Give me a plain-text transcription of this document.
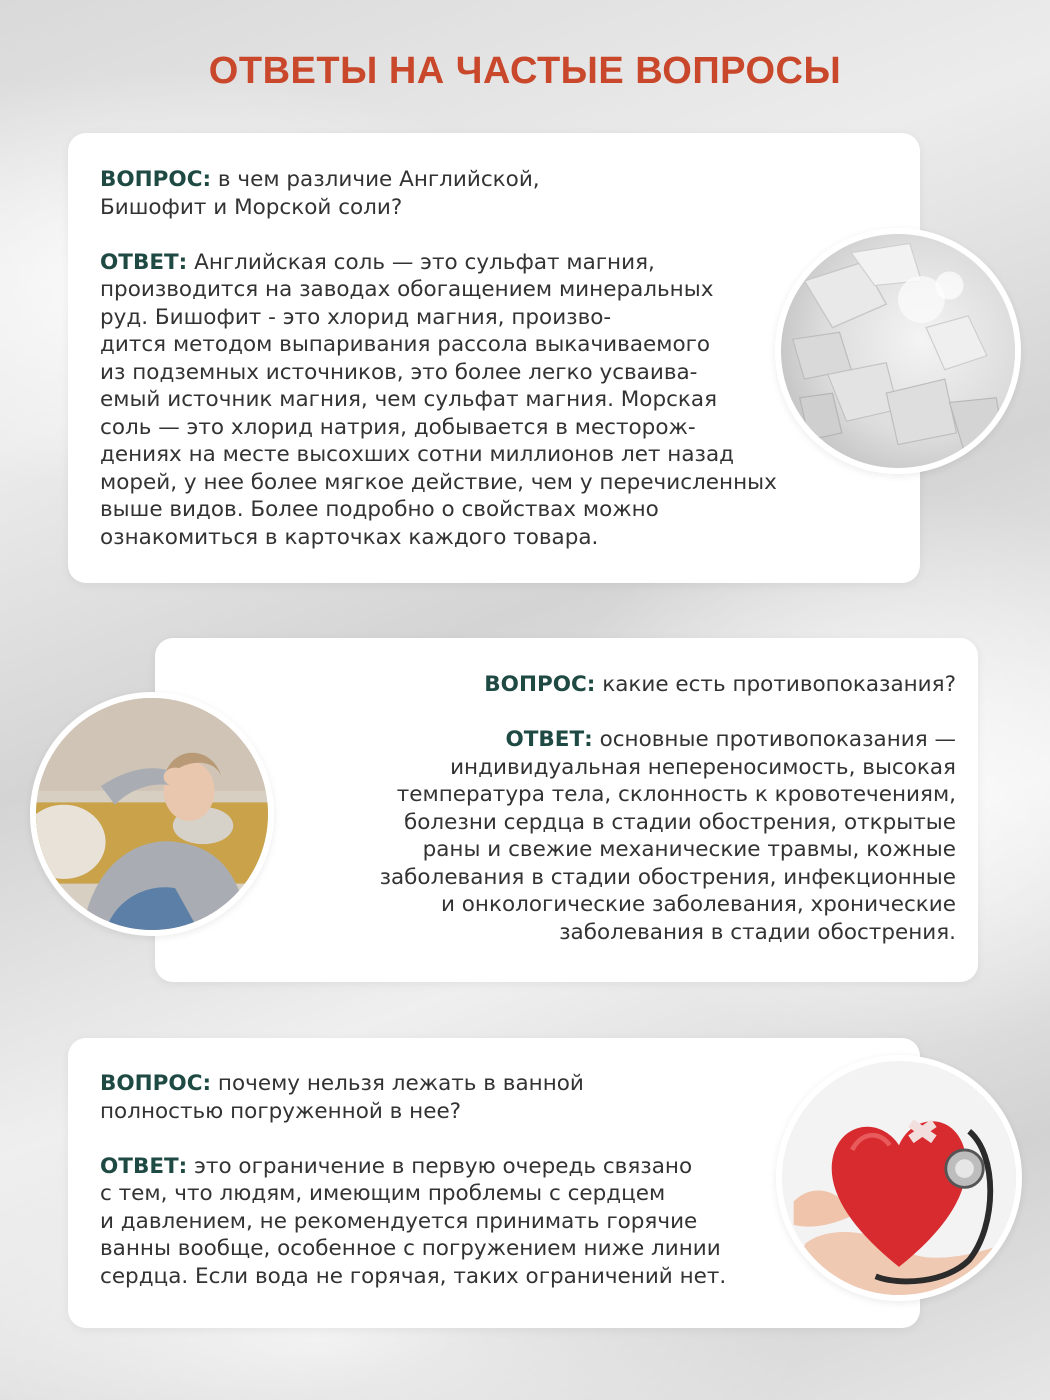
ОТВЕТЫ НА ЧАСТЫЕ ВОПРОСЫ

ВОПРОС: в чем различие Английской,
Бишофит и Морской соли?

ОТВЕТ: Английская соль — это сульфат магния,
производится на заводах обогащением минеральных
руд. Бишофит - это хлорид магния, произво-
дится методом выпаривания рассола выкачиваемого
из подземных источников, это более легко усваива-
емый источник магния, чем сульфат магния. Морская
соль — это хлорид натрия, добывается в месторож-
дениях на месте высохших сотни миллионов лет назад
морей, у нее более мягкое действие, чем у перечисленных
выше видов. Более подробно о свойствах можно
ознакомиться в карточках каждого товара.

ВОПРОС: какие есть противопоказания?

ОТВЕТ: основные противопоказания —
индивидуальная непереносимость, высокая
температура тела, склонность к кровотечениям,
болезни сердца в стадии обострения, открытые
раны и свежие механические травмы, кожные
заболевания в стадии обострения, инфекционные
и онкологические заболевания, хронические
заболевания в стадии обострения.

ВОПРОС: почему нельзя лежать в ванной
полностью погруженной в нее?

ОТВЕТ: это ограничение в первую очередь связано
с тем, что людям, имеющим проблемы с сердцем
и давлением, не рекомендуется принимать горячие
ванны вообще, особенное с погружением ниже линии
сердца. Если вода не горячая, таких ограничений нет.
